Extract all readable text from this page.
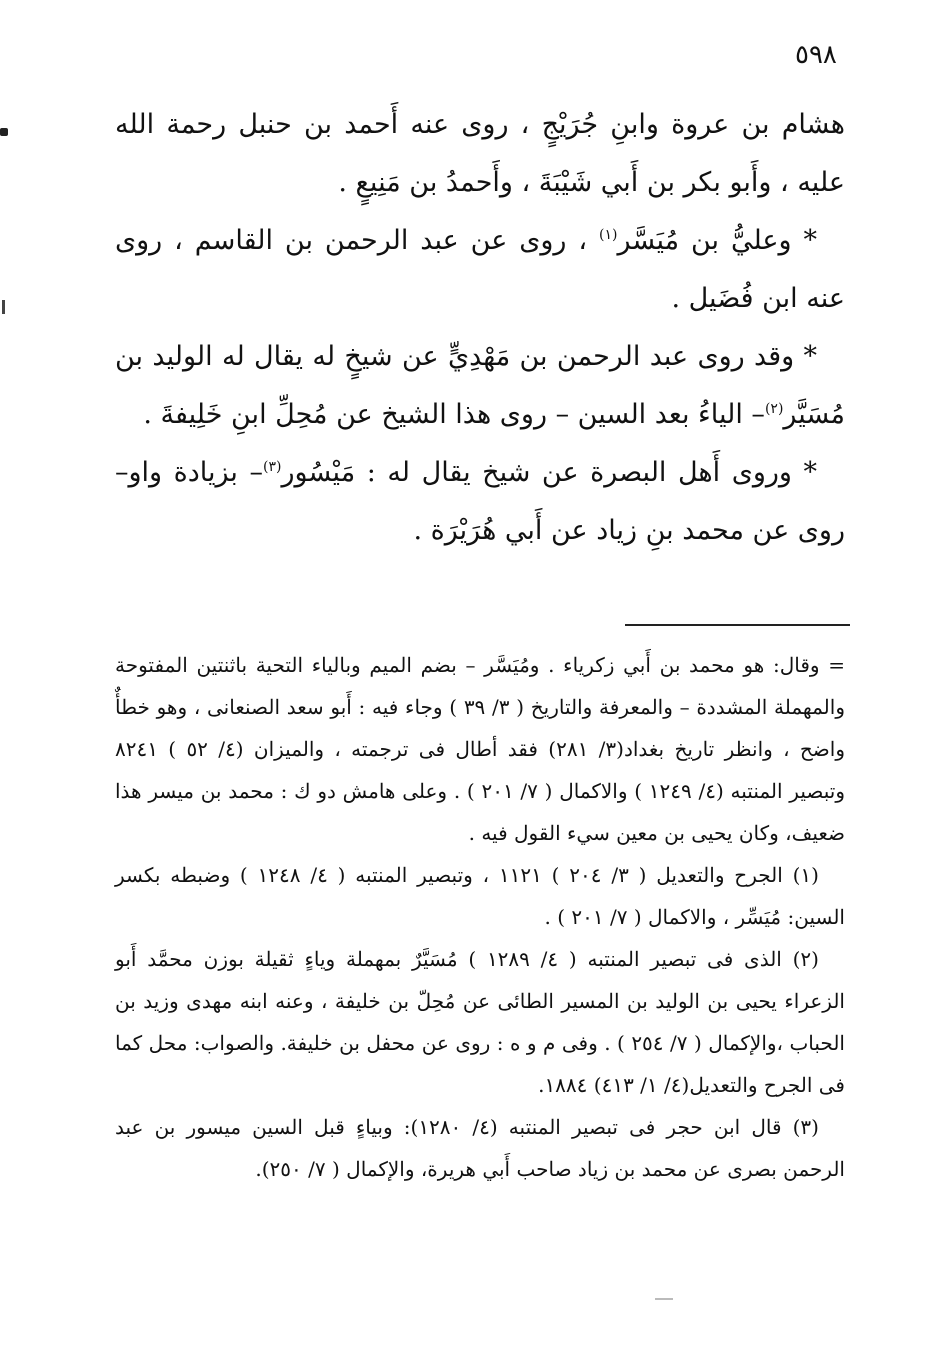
٥٩٨

هشام بن عروة وابنِ جُرَيْجٍ ، روى عنه أَحمد بن حنبل رحمة الله عليه ، وأَبو بكر بن أَبي شَيْبَةَ ، وأَحمدُ بن مَنِيعٍ .

* وعليُّ بن مُيَسَّر$^{(١)}$ ، روى عن عبد الرحمن بن القاسم ، روى عنه ابن فُضَيل .

* وقد روى عبد الرحمن بن مَهْدِيٍّ عن شيخٍ له يقال له الوليد بن مُسَيَّر$^{(٢)}$– الياءُ بعد السين – روى هذا الشيخ عن مُحِلِّ ابنِ خَلِيفةَ .

* وروى أَهل البصرة عن شيخ يقال له : مَيْسُور$^{(٣)}$– بزيادة واو– روى عن محمد بنِ زياد عن أَبي هُرَيْرَة .

= وقال: هو محمد بن أَبي زكرياء . ومُيَسَّر – بضم الميم وبالياء التحية باثنتين المفتوحة والمهملة المشددة – والمعرفة والتاريخ ( ٣/ ٣٩ ) وجاء فيه : أَبو سعد الصنعانى ، وهو خطأٌ واضح ، وانظر تاريخ بغداد(٣/ ٢٨١) فقد أطال فى ترجمته ، والميزان (٤/ ٥٢ ) ٨٢٤١ وتبصير المنتبه (٤/ ١٢٤٩ ) والاكمال ( ٧/ ٢٠١ ) . وعلى هامش دو ك : محمد بن ميسر هذا ضعيف، وكان يحيى بن معين سيء القول فيه .

(١) الجرح والتعديل ( ٣/ ٢٠٤ ) ١١٢١ ، وتبصير المنتبه ( ٤/ ١٢٤٨ ) وضبطه بكسر السين: مُيَسِّر ، والاكمال ( ٧/ ٢٠١ ) .

(٢) الذى فى تبصير المنتبه ( ٤/ ١٢٨٩ ) مُسَيَّرٌ بمهملة وياءٍ ثقيلة بوزن محمَّد أَبو الزعراء يحيى بن الوليد بن المسير الطائى عن مُحِلّ بن خليفة ، وعنه ابنه مهدى وزيد بن الحباب ،والإكمال ( ٧/ ٢٥٤ ) . وفى م و ه : روى عن محفل بن خليفة. والصواب: محل كما فى الجرح والتعديل(٤/ ١/ ٤١٣) ١٨٨٤.

(٣) قال ابن حجر فى تبصير المنتبه (٤/ ١٢٨٠): وبياءٍ قبل السين ميسور بن عبد الرحمن بصرى عن محمد بن زياد صاحب أَبي هريرة، والإكمال ( ٧/ ٢٥٠).
